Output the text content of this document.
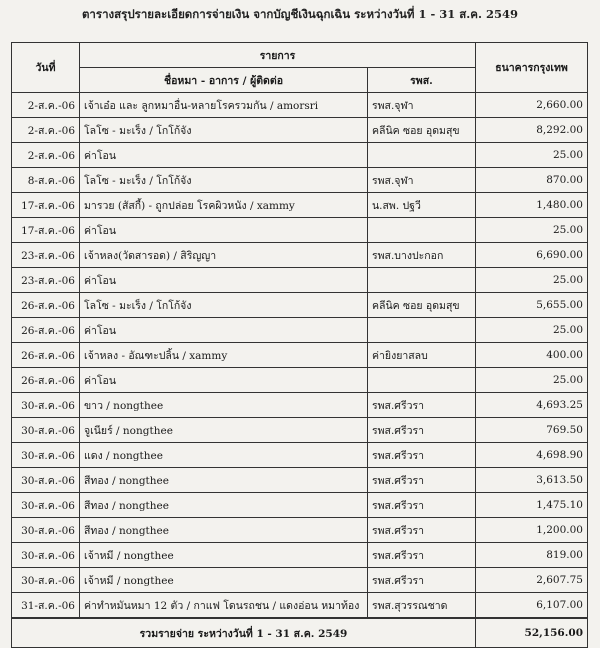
ตารางสรุปรายละเอียดการจ่ายเงิน จากบัญชีเงินฉุกเฉิน ระหว่างวันที่ 1 - 31 ส.ค. 2549
วันที่	รายการ		ธนาคารกรุงเทพ
	ชื่อหมา - อาการ / ผู้ติดต่อ	รพส.	
2-ส.ค.-06	เจ้าเอ๋อ และ ลูกหมาอื่น-หลายโรครวมกัน / amorsri	รพส.จุฬา	2,660.00
2-ส.ค.-06	โลโซ - มะเร็ง / โกโก้จัง	คลีนิค ซอย อุดมสุข	8,292.00
2-ส.ค.-06	ค่าโอน		25.00
8-ส.ค.-06	โลโซ - มะเร็ง / โกโก้จัง	รพส.จุฬา	870.00
17-ส.ค.-06	มารวย (สัสกี้) - ถูกปล่อย โรคผิวหนัง / xammy	น.สพ. ปฐวี	1,480.00
17-ส.ค.-06	ค่าโอน		25.00
23-ส.ค.-06	เจ้าหลง(วัดสารอด) / สิริญญา	รพส.บางปะกอก	6,690.00
23-ส.ค.-06	ค่าโอน		25.00
26-ส.ค.-06	โลโซ - มะเร็ง / โกโก้จัง	คลีนิค ซอย อุดมสุข	5,655.00
26-ส.ค.-06	ค่าโอน		25.00
26-ส.ค.-06	เจ้าหลง - อัณฑะปลิ้น / xammy	ค่ายิงยาสลบ	400.00
26-ส.ค.-06	ค่าโอน		25.00
30-ส.ค.-06	ขาว / nongthee	รพส.ศรีวรา	4,693.25
30-ส.ค.-06	จูเนียร์ / nongthee	รพส.ศรีวรา	769.50
30-ส.ค.-06	แดง / nongthee	รพส.ศรีวรา	4,698.90
30-ส.ค.-06	สีทอง / nongthee	รพส.ศรีวรา	3,613.50
30-ส.ค.-06	สีทอง / nongthee	รพส.ศรีวรา	1,475.10
30-ส.ค.-06	สีทอง / nongthee	รพส.ศรีวรา	1,200.00
30-ส.ค.-06	เจ้าหมี / nongthee	รพส.ศรีวรา	819.00
30-ส.ค.-06	เจ้าหมี / nongthee	รพส.ศรีวรา	2,607.75
31-ส.ค.-06	ค่าทำหมันหมา 12 ตัว / กาแฟ โดนรถชน / แดงอ่อน หมาท้อง	รพส.สุวรรณชาด	6,107.00
รวมรายจ่าย ระหว่างวันที่ 1 - 31 ส.ค. 2549			52,156.00
